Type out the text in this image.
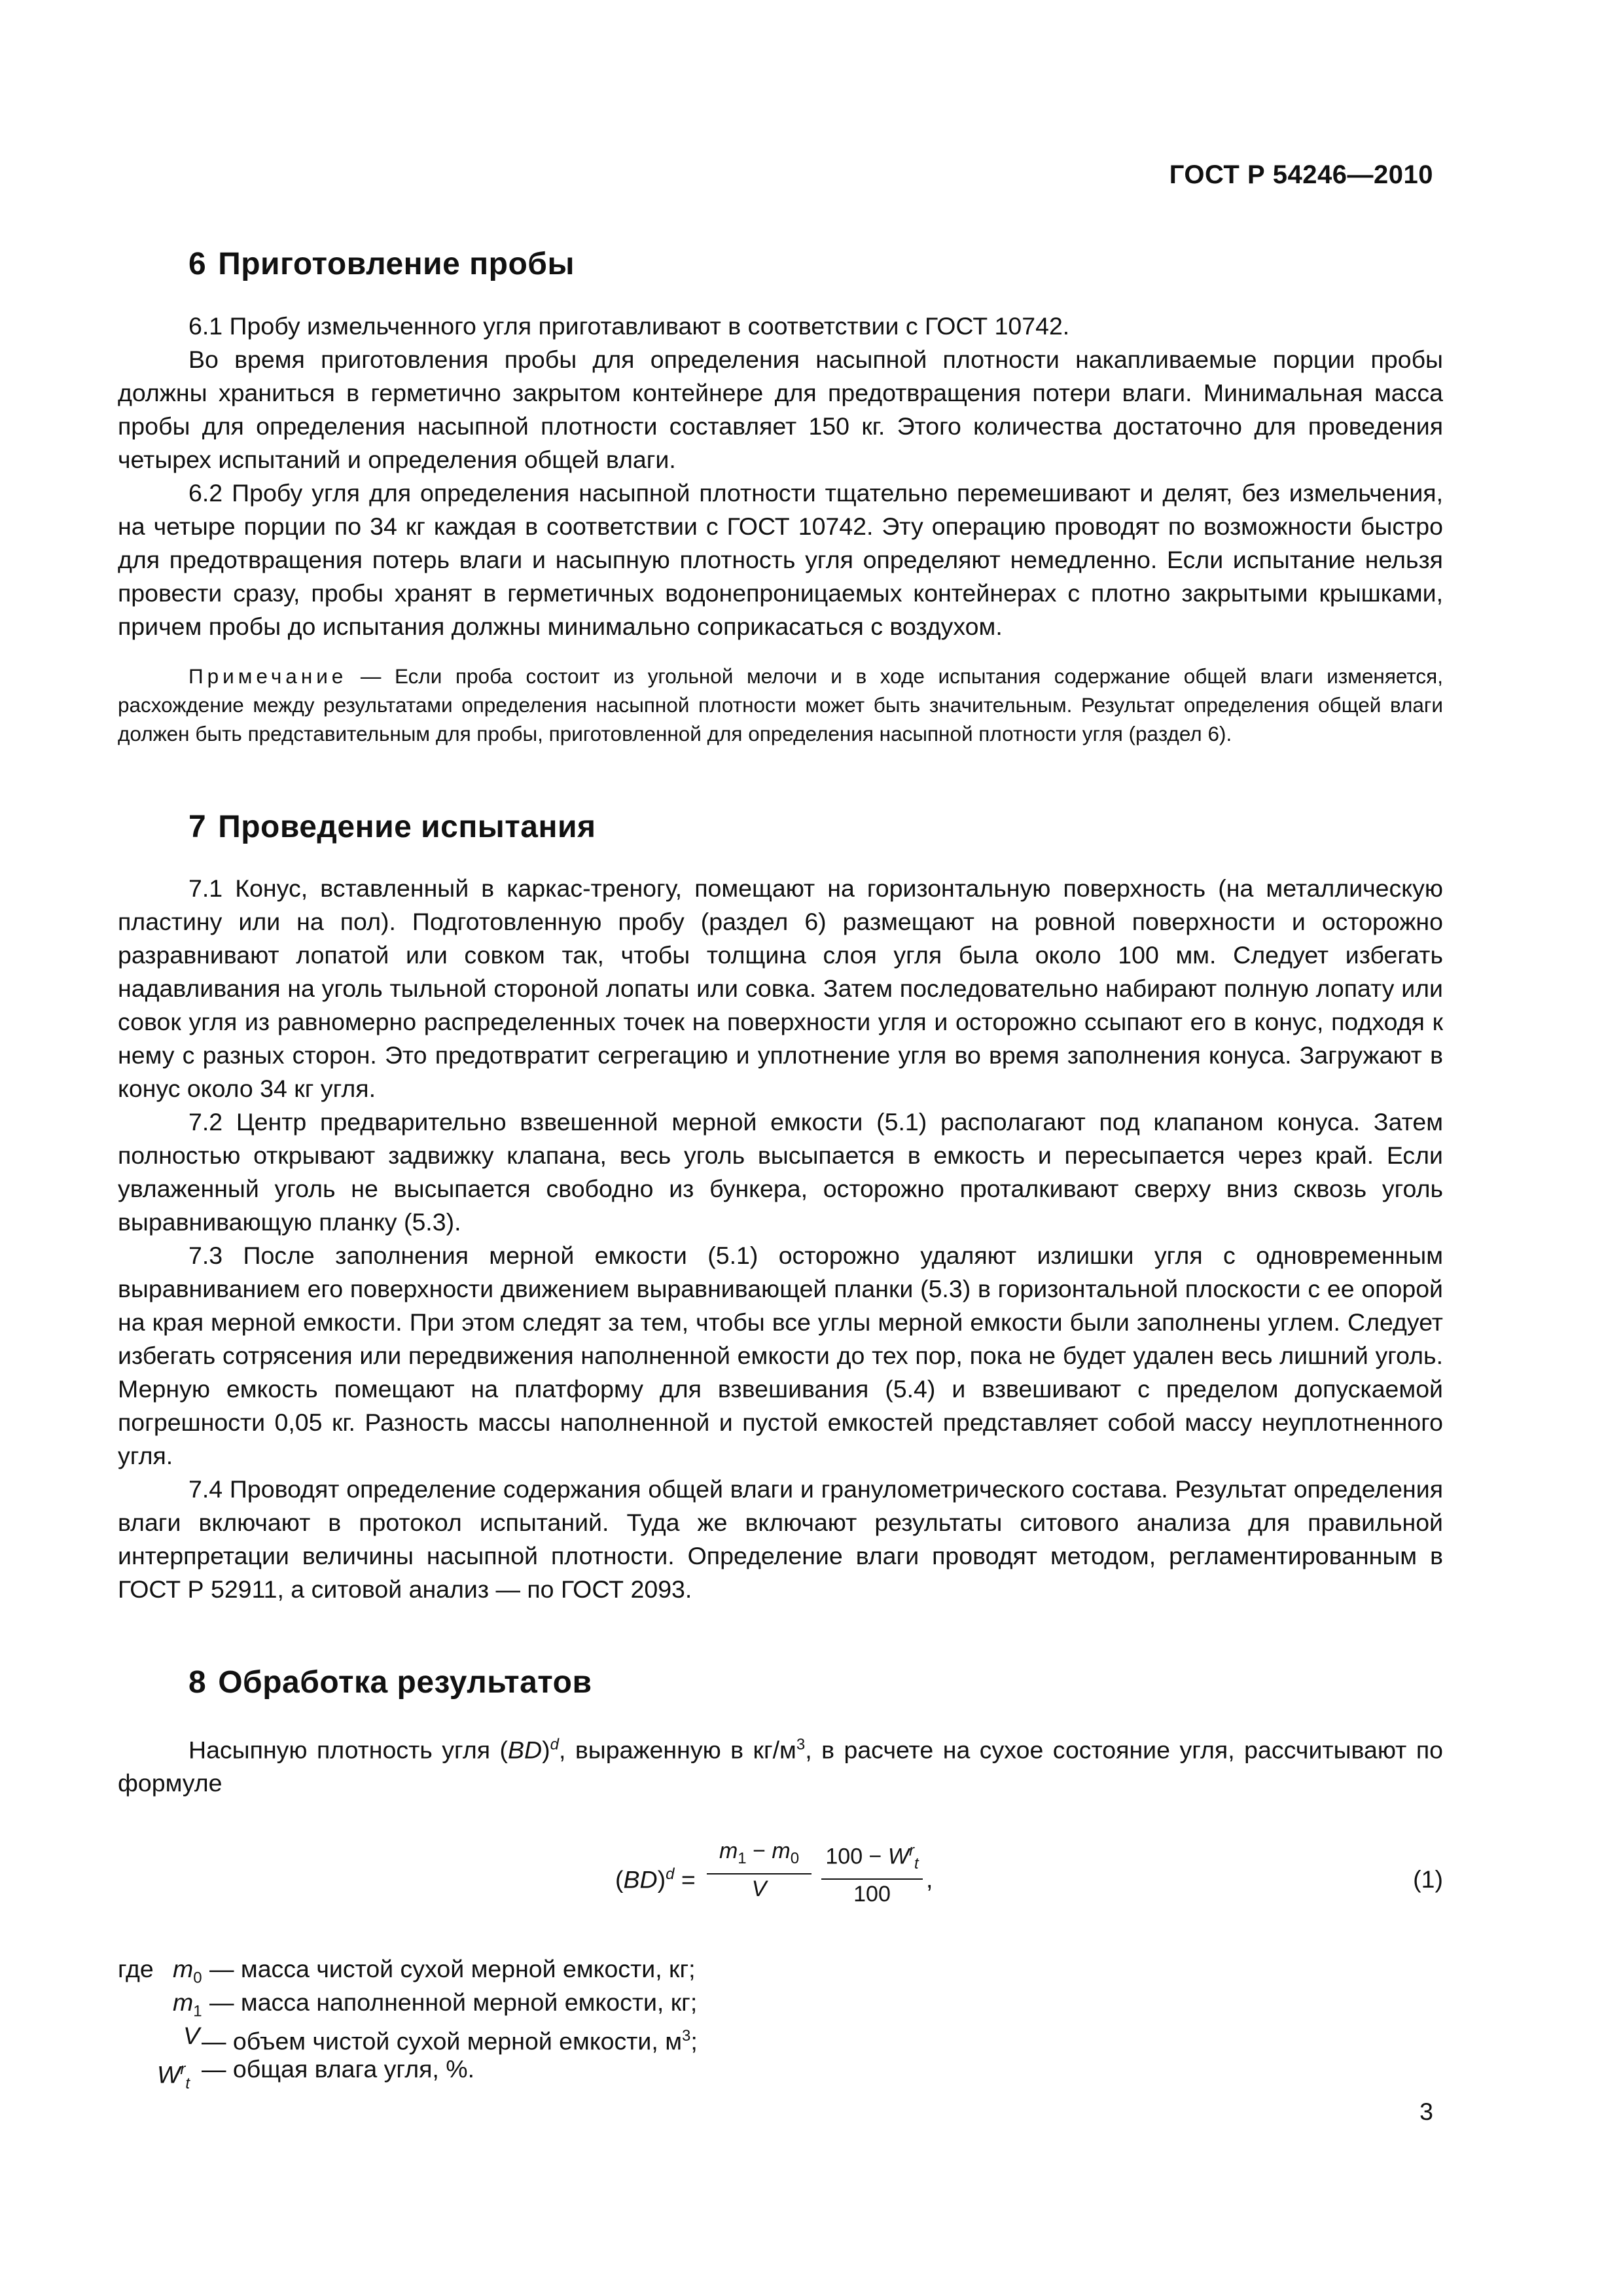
ГОСТ Р 54246—2010
6 Приготовление пробы

6.1 Пробу измельченного угля приготавливают в соответствии с ГОСТ 10742.

Во время приготовления пробы для определения насыпной плотности накапливаемые порции пробы должны храниться в герметично закрытом контейнере для предотвращения потери влаги. Минимальная масса пробы для определения насыпной плотности составляет 150 кг. Этого количества достаточно для проведения четырех испытаний и определения общей влаги.

6.2 Пробу угля для определения насыпной плотности тщательно перемешивают и делят, без измельчения, на четыре порции по 34 кг каждая в соответствии с ГОСТ 10742. Эту операцию проводят по возможности быстро для предотвращения потерь влаги и насыпную плотность угля определяют немедленно. Если испытание нельзя провести сразу, пробы хранят в герметичных водонепроницаемых контейнерах с плотно закрытыми крышками, причем пробы до испытания должны минимально соприкасаться с воздухом.

Примечание — Если проба состоит из угольной мелочи и в ходе испытания содержание общей влаги изменяется, расхождение между результатами определения насыпной плотности может быть значительным. Результат определения общей влаги должен быть представительным для пробы, приготовленной для определения насыпной плотности угля (раздел 6).

7 Проведение испытания

7.1 Конус, вставленный в каркас-треногу, помещают на горизонтальную поверхность (на металлическую пластину или на пол). Подготовленную пробу (раздел 6) размещают на ровной поверхности и осторожно разравнивают лопатой или совком так, чтобы толщина слоя угля была около 100 мм. Следует избегать надавливания на уголь тыльной стороной лопаты или совка. Затем последовательно набирают полную лопату или совок угля из равномерно распределенных точек на поверхности угля и осторожно ссыпают его в конус, подходя к нему с разных сторон. Это предотвратит сегрегацию и уплотнение угля во время заполнения конуса. Загружают в конус около 34 кг угля.

7.2 Центр предварительно взвешенной мерной емкости (5.1) располагают под клапаном конуса. Затем полностью открывают задвижку клапана, весь уголь высыпается в емкость и пересыпается через край. Если увлаженный уголь не высыпается свободно из бункера, осторожно проталкивают сверху вниз сквозь уголь выравнивающую планку (5.3).

7.3 После заполнения мерной емкости (5.1) осторожно удаляют излишки угля с одновременным выравниванием его поверхности движением выравнивающей планки (5.3) в горизонтальной плоскости с ее опорой на края мерной емкости. При этом следят за тем, чтобы все углы мерной емкости были заполнены углем. Следует избегать сотрясения или передвижения наполненной емкости до тех пор, пока не будет удален весь лишний уголь. Мерную емкость помещают на платформу для взвешивания (5.4) и взвешивают с пределом допускаемой погрешности 0,05 кг. Разность массы наполненной и пустой емкостей представляет собой массу неуплотненного угля.

7.4 Проводят определение содержания общей влаги и гранулометрического состава. Результат определения влаги включают в протокол испытаний. Туда же включают результаты ситового анализа для правильной интерпретации величины насыпной плотности. Определение влаги проводят методом, регламентированным в ГОСТ Р 52911, а ситовой анализ — по ГОСТ 2093.

8 Обработка результатов

Насыпную плотность угля (BD)$^d$, выраженную в $кг/м^3$, в расчете на сухое состояние угля, рассчитывают по формуле

(BD)$^d$ =
$m_1 - m_0$
V
$100 - W^r_t$
100
,	(1)
где $m_0$ — масса чистой сухой мерной емкости, кг;
$m_1$ — масса наполненной мерной емкости, кг;
V — объем чистой сухой мерной емкости, $м^3$;
$W^r_t$
— общая влага угля, %.
3
